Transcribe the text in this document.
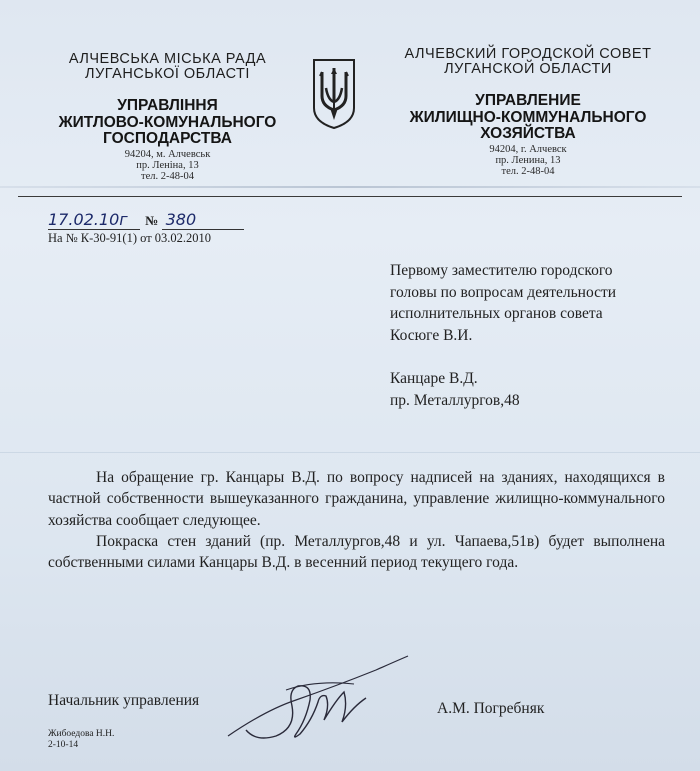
АЛЧЕВСЬКА МІСЬКА РАДА
ЛУГАНСЬКОЇ ОБЛАСТІ
УПРАВЛІННЯ
ЖИТЛОВО-КОМУНАЛЬНОГО
ГОСПОДАРСТВА
94204, м. Алчевськ
пр. Леніна, 13
тел. 2-48-04
АЛЧЕВСКИЙ ГОРОДСКОЙ СОВЕТ
ЛУГАНСКОЙ ОБЛАСТИ
УПРАВЛЕНИЕ
ЖИЛИЩНО-КОММУНАЛЬНОГО
ХОЗЯЙСТВА
94204, г. Алчевск
пр. Ленина, 13
тел. 2-48-04
17.02.10г № 380
На № К-30-91(1) от 03.02.2010
Первому заместителю городского
головы по вопросам деятельности
исполнительных органов совета
Косюге В.И.
Канцаре В.Д.
пр. Металлургов,48

На обращение гр. Канцары В.Д. по вопросу надписей на зданиях, находящихся в частной собственности вышеуказанного гражданина, управление жилищно-коммунального хозяйства сообщает следующее.

Покраска стен зданий (пр. Металлургов,48 и ул. Чапаева,51в) будет выполнена собственными силами Канцары В.Д. в весенний период текущего года.

Начальник управления	А.М. Погребняк
Жибоедова Н.Н.
2-10-14
